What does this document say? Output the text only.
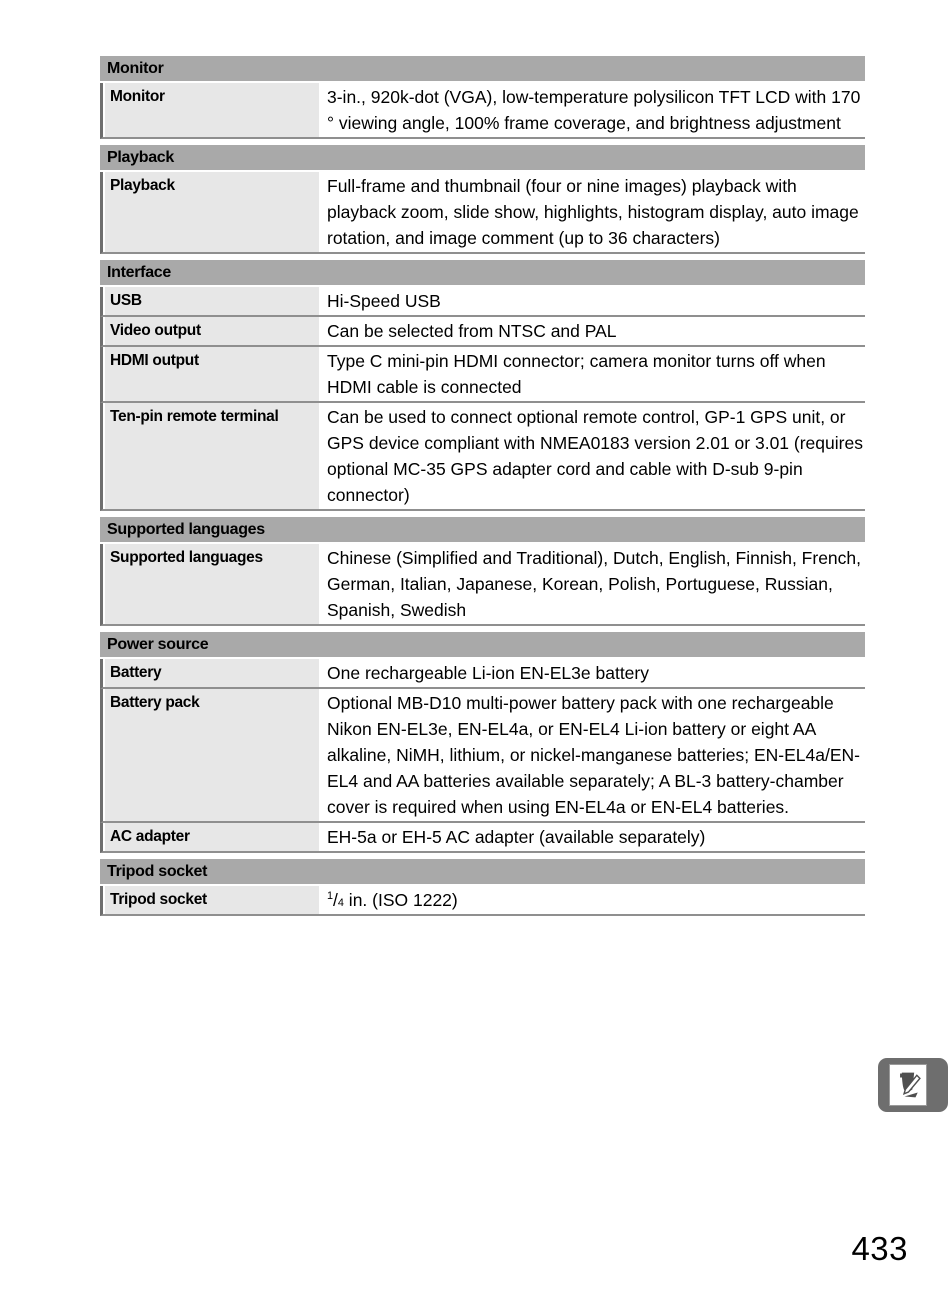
Monitor
Monitor	3-in., 920k-dot (VGA), low-temperature polysilicon TFT LCD with 170 ° viewing angle, 100% frame coverage, and brightness adjustment
Playback
Playback	Full-frame and thumbnail (four or nine images) playback with playback zoom, slide show, highlights, histogram display, auto image rotation, and image comment (up to 36 characters)
Interface
USB	Hi-Speed USB
Video output	Can be selected from NTSC and PAL
HDMI output	Type C mini-pin HDMI connector; camera monitor turns off when HDMI cable is connected
Ten-pin remote terminal	Can be used to connect optional remote control, GP-1 GPS unit, or GPS device compliant with NMEA0183 version 2.01 or 3.01 (requires optional MC-35 GPS adapter cord and cable with D-sub 9-pin connector)
Supported languages
Supported languages	Chinese (Simplified and Traditional), Dutch, English, Finnish, French, German, Italian, Japanese, Korean, Polish, Portuguese, Russian, Spanish, Swedish
Power source
Battery	One rechargeable Li-ion EN-EL3e battery
Battery pack	Optional MB-D10 multi-power battery pack with one rechargeable Nikon EN-EL3e, EN-EL4a, or EN-EL4 Li-ion battery or eight AA alkaline, NiMH, lithium, or nickel-manganese batteries; EN-EL4a/EN-EL4 and AA batteries available separately; A BL-3 battery-chamber cover is required when using EN-EL4a or EN-EL4 batteries.
AC adapter	EH-5a or EH-5 AC adapter (available separately)
Tripod socket
Tripod socket	$^1$/4 in. (ISO 1222)
433
